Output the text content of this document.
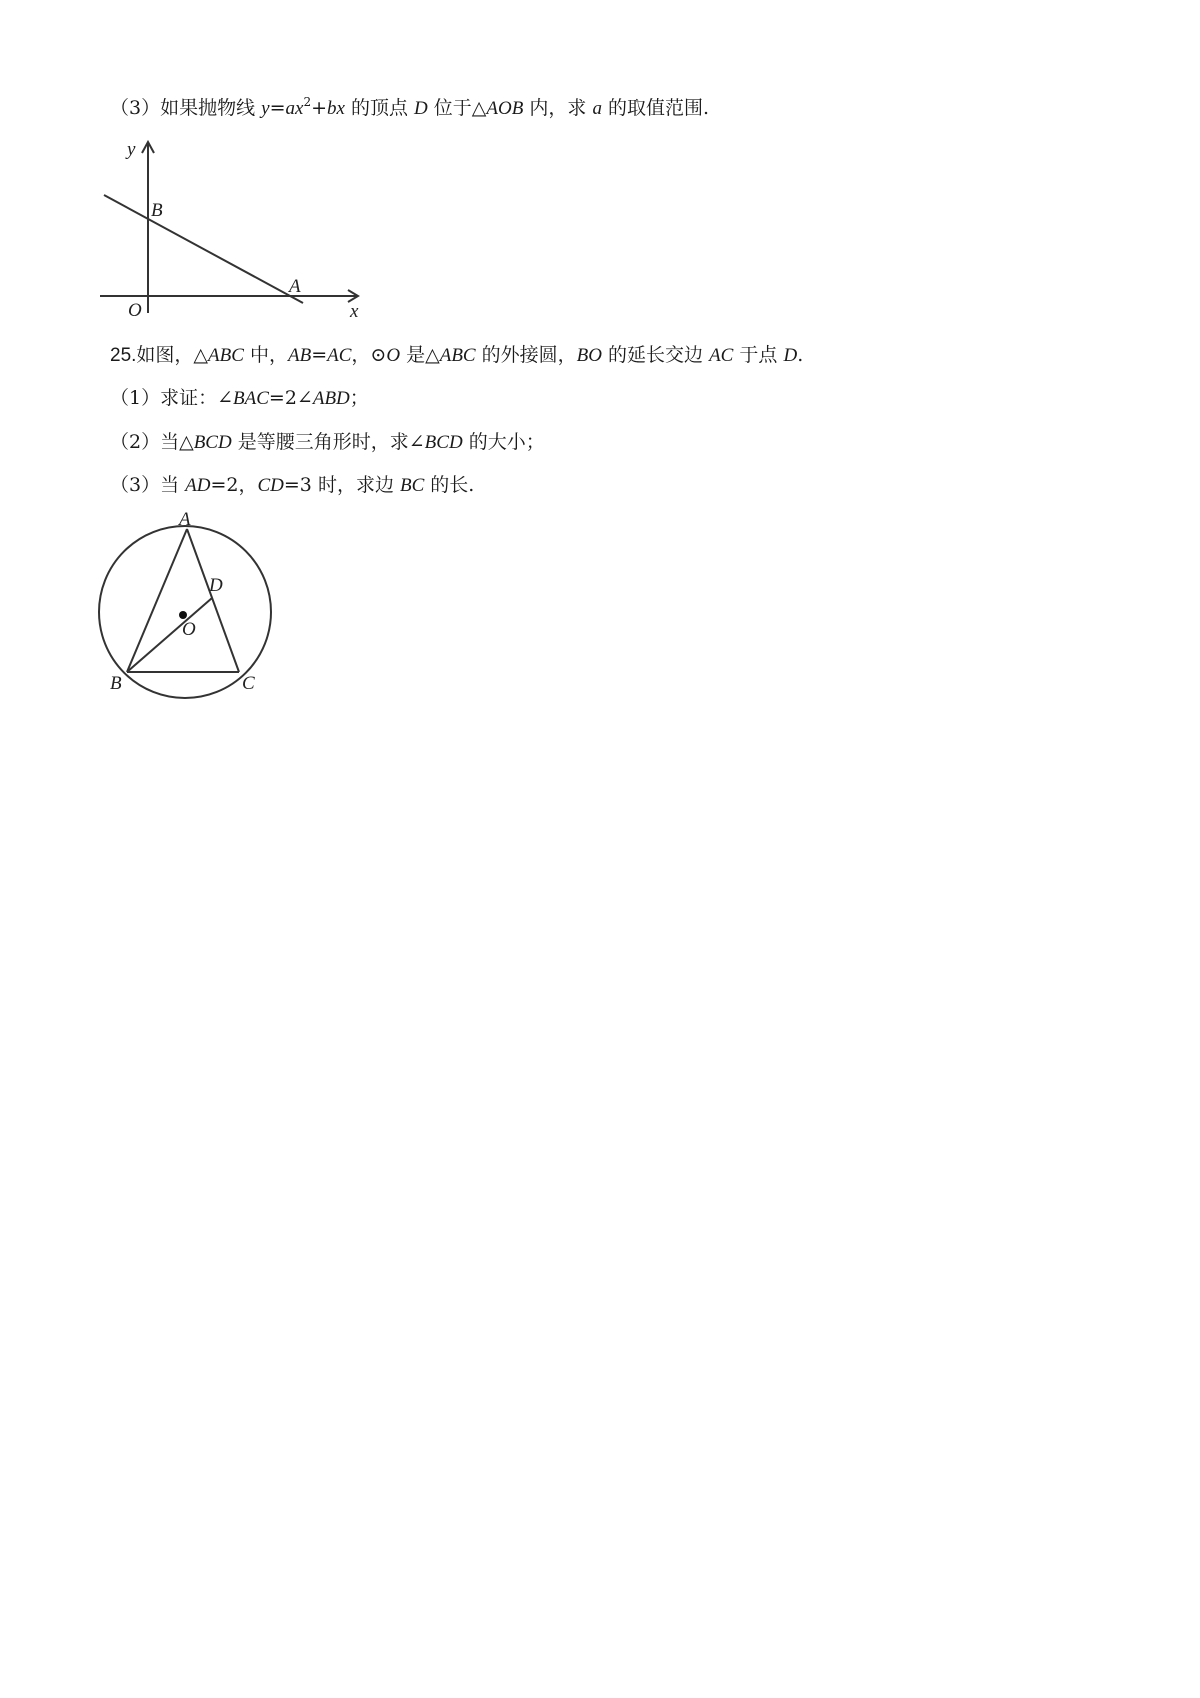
（3）如果抛物线 $y=ax^2+bx$ 的顶点 D 位于△AOB 内，求 a 的取值范围.
y
B
A
O	x
25.如图，△ABC 中，AB=AC，⊙O 是△ABC 的外接圆，BO 的延长交边 AC 于点 D.
（1）求证：∠BAC=2∠ABD；
（2）当△BCD 是等腰三角形时，求∠BCD 的大小；
（3）当 AD=2，CD=3 时，求边 BC 的长.
A
D
O
B	C
